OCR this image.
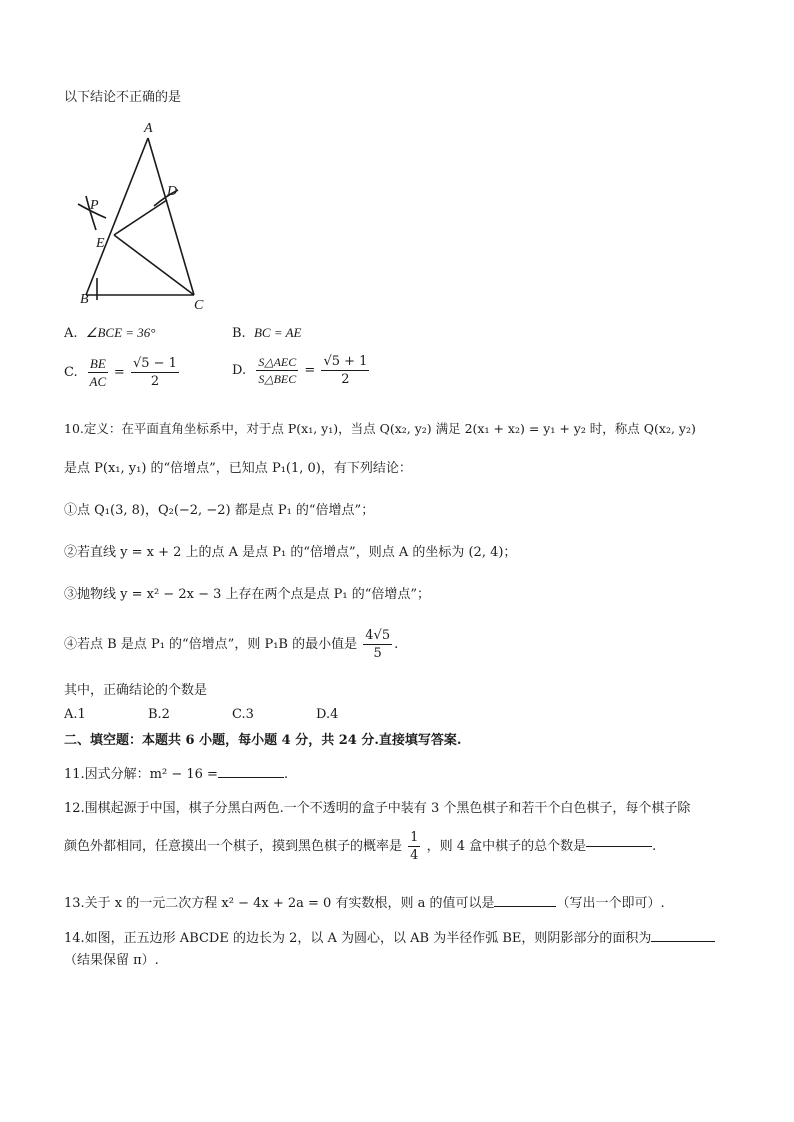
以下结论不正确的是
A
D
P
E
B	C
A. ∠BCE = 36°	B. BC = AE
C. $\frac{BE}{AC} = \frac{√5 - 1}{2}$	D. $\frac{\text{S△AEC}}{\text{S△BEC}} = \frac{√5 + 1}{2}$
10.定义：在平面直角坐标系中，对于点 P(x₁, y₁)，当点 Q(x₂, y₂) 满足 2(x₁ + x₂) = y₁ + y₂ 时，称点 Q(x₂, y₂)
是点 P(x₁, y₁) 的“倍增点”，已知点 P₁(1, 0)，有下列结论：
①点 Q₁(3, 8)，Q₂(−2, −2) 都是点 P₁ 的“倍增点”；
②若直线 y = x + 2 上的点 A 是点 P₁ 的“倍增点”，则点 A 的坐标为 (2, 4)；
③抛物线 y = x² − 2x − 3 上存在两个点是点 P₁ 的“倍增点”；
④若点 B 是点 P₁ 的“倍增点”，则 P₁B 的最小值是 $\frac{4√5}{5}$ .
其中，正确结论的个数是
A.1	B.2	C.3	D.4
二、填空题：本题共 6 小题，每小题 4 分，共 24 分.直接填写答案.
11.因式分解：m² − 16 =	.
12.围棋起源于中国，棋子分黑白两色.一个不透明的盒子中装有 3 个黑色棋子和若干个白色棋子，每个棋子除
颜色外都相同，任意摸出一个棋子，摸到黑色棋子的概率是 $\frac{1}{4}$ ，则 4 盒中棋子的总个数是	.
13.关于 x 的一元二次方程 x² − 4x + 2a = 0 有实数根，则 a 的值可以是	（写出一个即可）.
14.如图，正五边形 ABCDE 的边长为 2，以 A 为圆心，以 AB 为半径作弧 BE，则阴影部分的面积为
（结果保留 π）.
